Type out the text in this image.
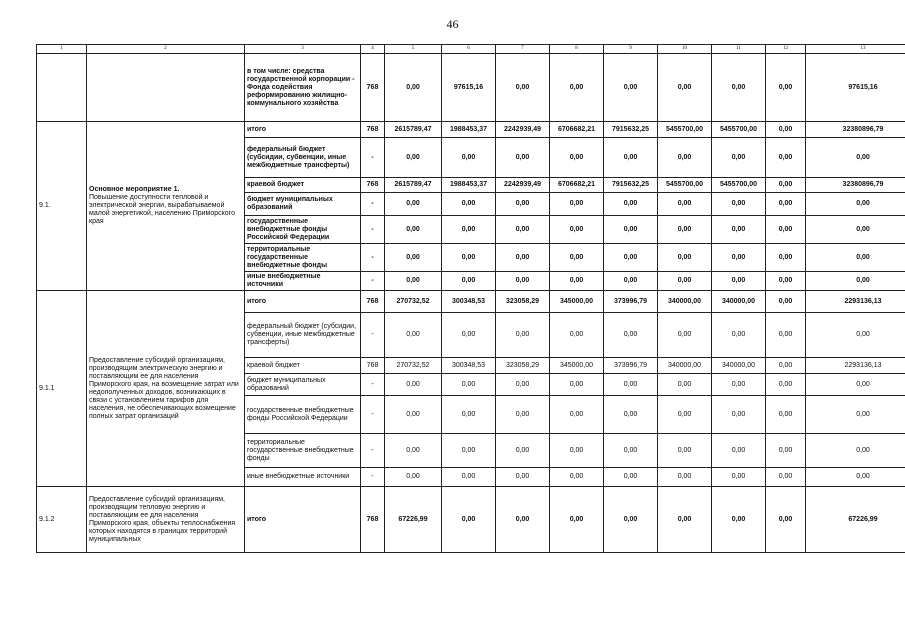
46
1	2	3	4	5	6	7	8	9	10	11	12	13
		в том числе: средства государственной корпорации - Фонда содействия реформированию жилищно-коммунального хозяйства	768	0,00	97615,16	0,00	0,00	0,00	0,00	0,00	0,00	97615,16
9.1.	Основное мероприятие 1.
Повышение доступности тепловой и электрической энергии, вырабатываемой малой энергетикой, населению Приморского края	итого	768	2615789,47	1988453,37	2242939,49	6706682,21	7915632,25	5455700,00	5455700,00	0,00	32380896,79
		федеральный бюджет (субсидии, субвенции, иные межбюджетные трансферты)	-	0,00	0,00	0,00	0,00	0,00	0,00	0,00	0,00	0,00
		краевой бюджет	768	2615789,47	1988453,37	2242939,49	6706682,21	7915632,25	5455700,00	5455700,00	0,00	32380896,79
		бюджет муниципальных образований	-	0,00	0,00	0,00	0,00	0,00	0,00	0,00	0,00	0,00
		государственные внебюджетные фонды Российской Федерации	-	0,00	0,00	0,00	0,00	0,00	0,00	0,00	0,00	0,00
		территориальные государственные внебюджетные фонды	-	0,00	0,00	0,00	0,00	0,00	0,00	0,00	0,00	0,00
		иные внебюджетные источники	-	0,00	0,00	0,00	0,00	0,00	0,00	0,00	0,00	0,00
9.1.1	Предоставление субсидий организациям, производящим электрическую энергию и поставляющим ее для населения Приморского края, на возмещение затрат или недополученных доходов, возникающих в связи с установлением тарифов для населения, не обеспечивающих возмещение полных затрат организаций	итого	768	270732,52	300348,53	323058,29	345000,00	373996,79	340000,00	340000,00	0,00	2293136,13
		федеральный бюджет (субсидии, субвенции, иные межбюджетные трансферты)	-	0,00	0,00	0,00	0,00	0,00	0,00	0,00	0,00	0,00
		краевой бюджет	768	270732,52	300348,53	323058,29	345000,00	373996,79	340000,00	340000,00	0,00	2293136,13
		бюджет муниципальных образований	-	0,00	0,00	0,00	0,00	0,00	0,00	0,00	0,00	0,00
		государственные внебюджетные фонды Российской Федерации	-	0,00	0,00	0,00	0,00	0,00	0,00	0,00	0,00	0,00
		территориальные государственные внебюджетные фонды	-	0,00	0,00	0,00	0,00	0,00	0,00	0,00	0,00	0,00
		иные внебюджетные источники	-	0,00	0,00	0,00	0,00	0,00	0,00	0,00	0,00	0,00
9.1.2	Предоставление субсидий организациям, производящим тепловую энергию и поставляющим ее для населения Приморского края, объекты теплоснабжения которых находятся в границах территорий муниципальных	итого	768	67226,99	0,00	0,00	0,00	0,00	0,00	0,00	0,00	67226,99
